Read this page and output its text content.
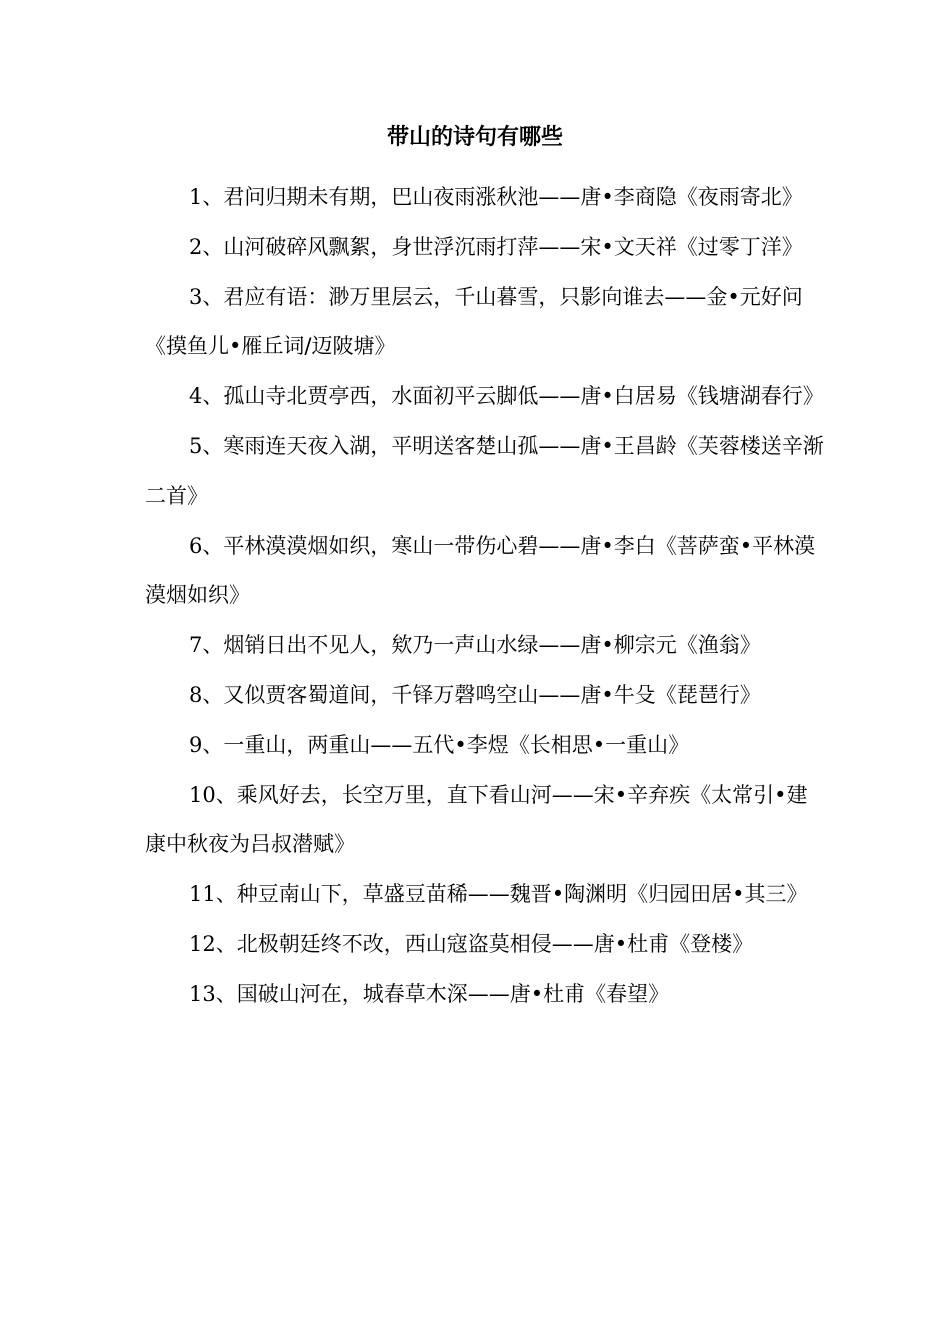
带山的诗句有哪些

1、君问归期未有期，巴山夜雨涨秋池——唐•李商隐《夜雨寄北》

2、山河破碎风飘絮，身世浮沉雨打萍——宋•文天祥《过零丁洋》

3、君应有语：渺万里层云，千山暮雪，只影向谁去——金•元好问《摸鱼儿•雁丘词/迈陂塘》

4、孤山寺北贾亭西，水面初平云脚低——唐•白居易《钱塘湖春行》

5、寒雨连天夜入湖，平明送客楚山孤——唐•王昌龄《芙蓉楼送辛渐二首》

6、平林漠漠烟如织，寒山一带伤心碧——唐•李白《菩萨蛮•平林漠漠烟如织》

7、烟销日出不见人，欸乃一声山水绿——唐•柳宗元《渔翁》

8、又似贾客蜀道间，千铎万磬鸣空山——唐•牛殳《琵琶行》

9、一重山，两重山——五代•李煜《长相思•一重山》

10、乘风好去，长空万里，直下看山河——宋•辛弃疾《太常引•建康中秋夜为吕叔潜赋》

11、种豆南山下，草盛豆苗稀——魏晋•陶渊明《归园田居•其三》

12、北极朝廷终不改，西山寇盗莫相侵——唐•杜甫《登楼》

13、国破山河在，城春草木深——唐•杜甫《春望》
